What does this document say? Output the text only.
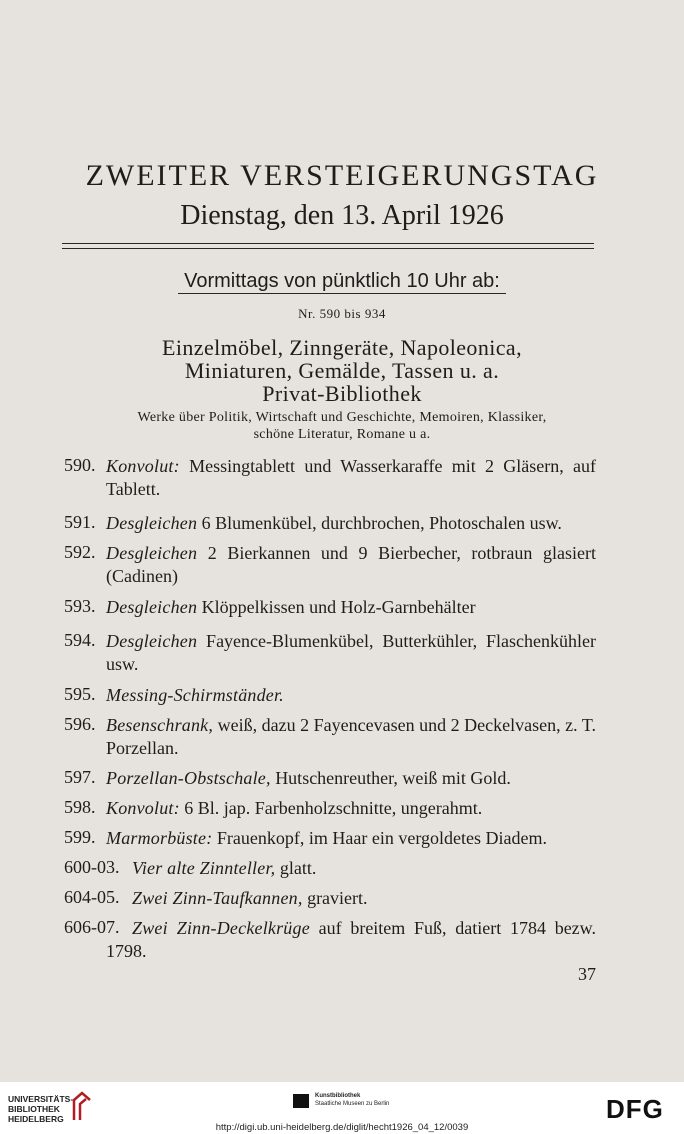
ZWEITER VERSTEIGERUNGSTAG
Dienstag, den 13. April 1926
Vormittags von pünktlich 10 Uhr ab:
Nr. 590 bis 934
Einzelmöbel, Zinngeräte, Napoleonica,
Miniaturen, Gemälde, Tassen u. a.
Privat-Bibliothek
Werke über Politik, Wirtschaft und Geschichte, Memoiren, Klassiker,
schöne Literatur, Romane u a.
590. Konvolut: Messingtablett und Wasserkaraffe mit 2 Gläsern, auf Tablett.
591. Desgleichen 6 Blumenkübel, durchbrochen, Photoschalen usw.
592. Desgleichen 2 Bierkannen und 9 Bierbecher, rotbraun glasiert (Cadinen)
593. Desgleichen Klöppelkissen und Holz-Garnbehälter
594. Desgleichen Fayence-Blumenkübel, Butterkühler, Flaschenkühler usw.
595. Messing-Schirmständer.
596. Besenschrank, weiß, dazu 2 Fayencevasen und 2 Deckelvasen, z. T. Porzellan.
597. Porzellan-Obstschale, Hutschenreuther, weiß mit Gold.
598. Konvolut: 6 Bl. jap. Farbenholzschnitte, ungerahmt.
599. Marmorbüste: Frauenkopf, im Haar ein vergoldetes Diadem.
600-03. Vier alte Zinnteller, glatt.
604-05. Zwei Zinn-Taufkannen, graviert.
606-07. Zwei Zinn-Deckelkrüge auf breitem Fuß, datiert 1784 bezw. 1798.
37
UNIVERSITÄTS-
BIBLIOTHEK
HEIDELBERG
Kunstbibliothek
Staatliche Museen zu Berlin	DFG
http://digi.ub.uni-heidelberg.de/diglit/hecht1926_04_12/0039
